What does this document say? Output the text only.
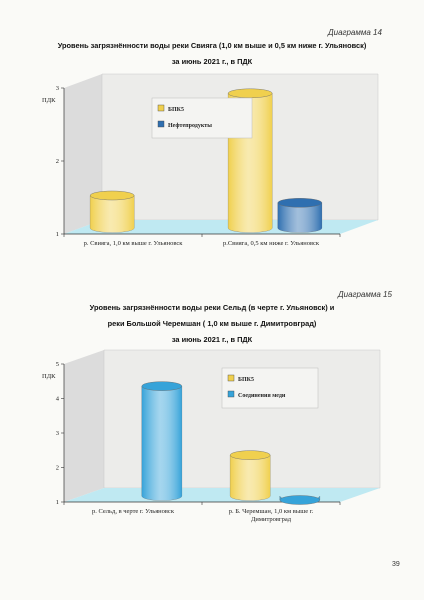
Диаграмма 14
Уровень загрязнённости воды реки Свияга (1,0 км выше и 0,5 км ниже г. Ульяновск)
за июнь 2021 г., в ПДК
1
2
3
ПДК
р. Свияга, 1,0 км выше г. Ульяновск	р.Свияга, 0,5 км ниже г. Ульяновск
БПК5
Нефтепродукты
Диаграмма 15
Уровень загрязнённости воды реки Сельд (в черте г. Ульяновск) и
реки Большой Черемшан ( 1,0 км выше г. Димитровград)
за июнь 2021 г., в ПДК
1
2
3
4
5
ПДК
р. Сельд, в черте г. Ульяновск	р. Б. Черемшан, 1,0 км выше г.
Димитровград
БПК5
Соединения меди
39
